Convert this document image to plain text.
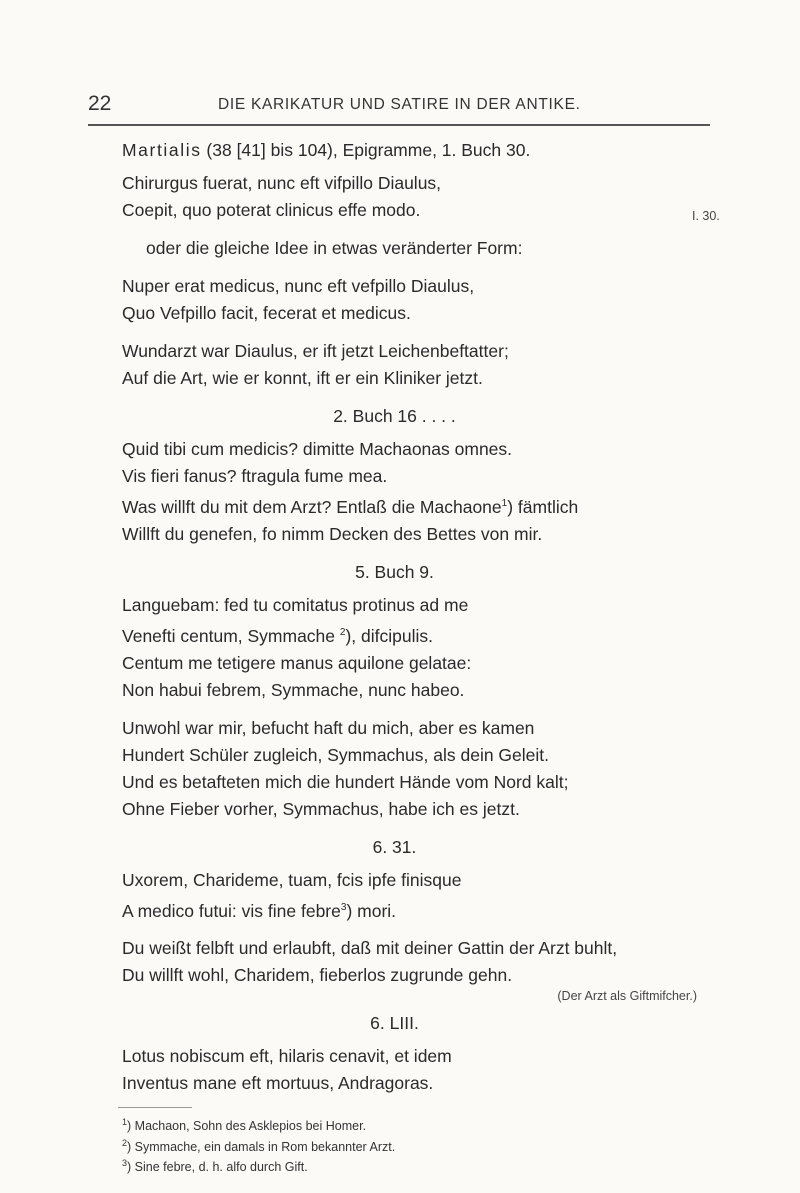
22	DIE KARIKATUR UND SATIRE IN DER ANTIKE.
Martialis (38 [41] bis 104), Epigramme, 1. Buch 30.
Chirurgus fuerat, nunc eft vifpillo Diaulus,
Coepit, quo poterat clinicus effe modo.	I. 30.
oder die gleiche Idee in etwas veränderter Form:
Nuper erat medicus, nunc eft vefpillo Diaulus,
Quo Vefpillo facit, fecerat et medicus.
Wundarzt war Diaulus, er ift jetzt Leichenbeftatter;
Auf die Art, wie er konnt, ift er ein Kliniker jetzt.
2. Buch 16 . . . .
Quid tibi cum medicis? dimitte Machaonas omnes.
Vis fieri fanus? ftragula fume mea.
Was willft du mit dem Arzt? Entlaß die Machaone$^1$) fämtlich
Willft du genefen, fo nimm Decken des Bettes von mir.
5. Buch 9.
Languebam: fed tu comitatus protinus ad me
Venefti centum, Symmache $^2$), difcipulis.
Centum me tetigere manus aquilone gelatae:
Non habui febrem, Symmache, nunc habeo.
Unwohl war mir, befucht haft du mich, aber es kamen
Hundert Schüler zugleich, Symmachus, als dein Geleit.
Und es betafteten mich die hundert Hände vom Nord kalt;
Ohne Fieber vorher, Symmachus, habe ich es jetzt.
6. 31.
Uxorem, Charideme, tuam, fcis ipfe finisque
A medico futui: vis fine febre$^3$) mori.
Du weißt felbft und erlaubft, daß mit deiner Gattin der Arzt buhlt,
Du willft wohl, Charidem, fieberlos zugrunde gehn.
(Der Arzt als Giftmifcher.)
6. LIII.
Lotus nobiscum eft, hilaris cenavit, et idem
Inventus mane eft mortuus, Andragoras.
$^1$) Machaon, Sohn des Asklepios bei Homer.
$^2$) Symmache, ein damals in Rom bekannter Arzt.
$^3$) Sine febre, d. h. alfo durch Gift.
